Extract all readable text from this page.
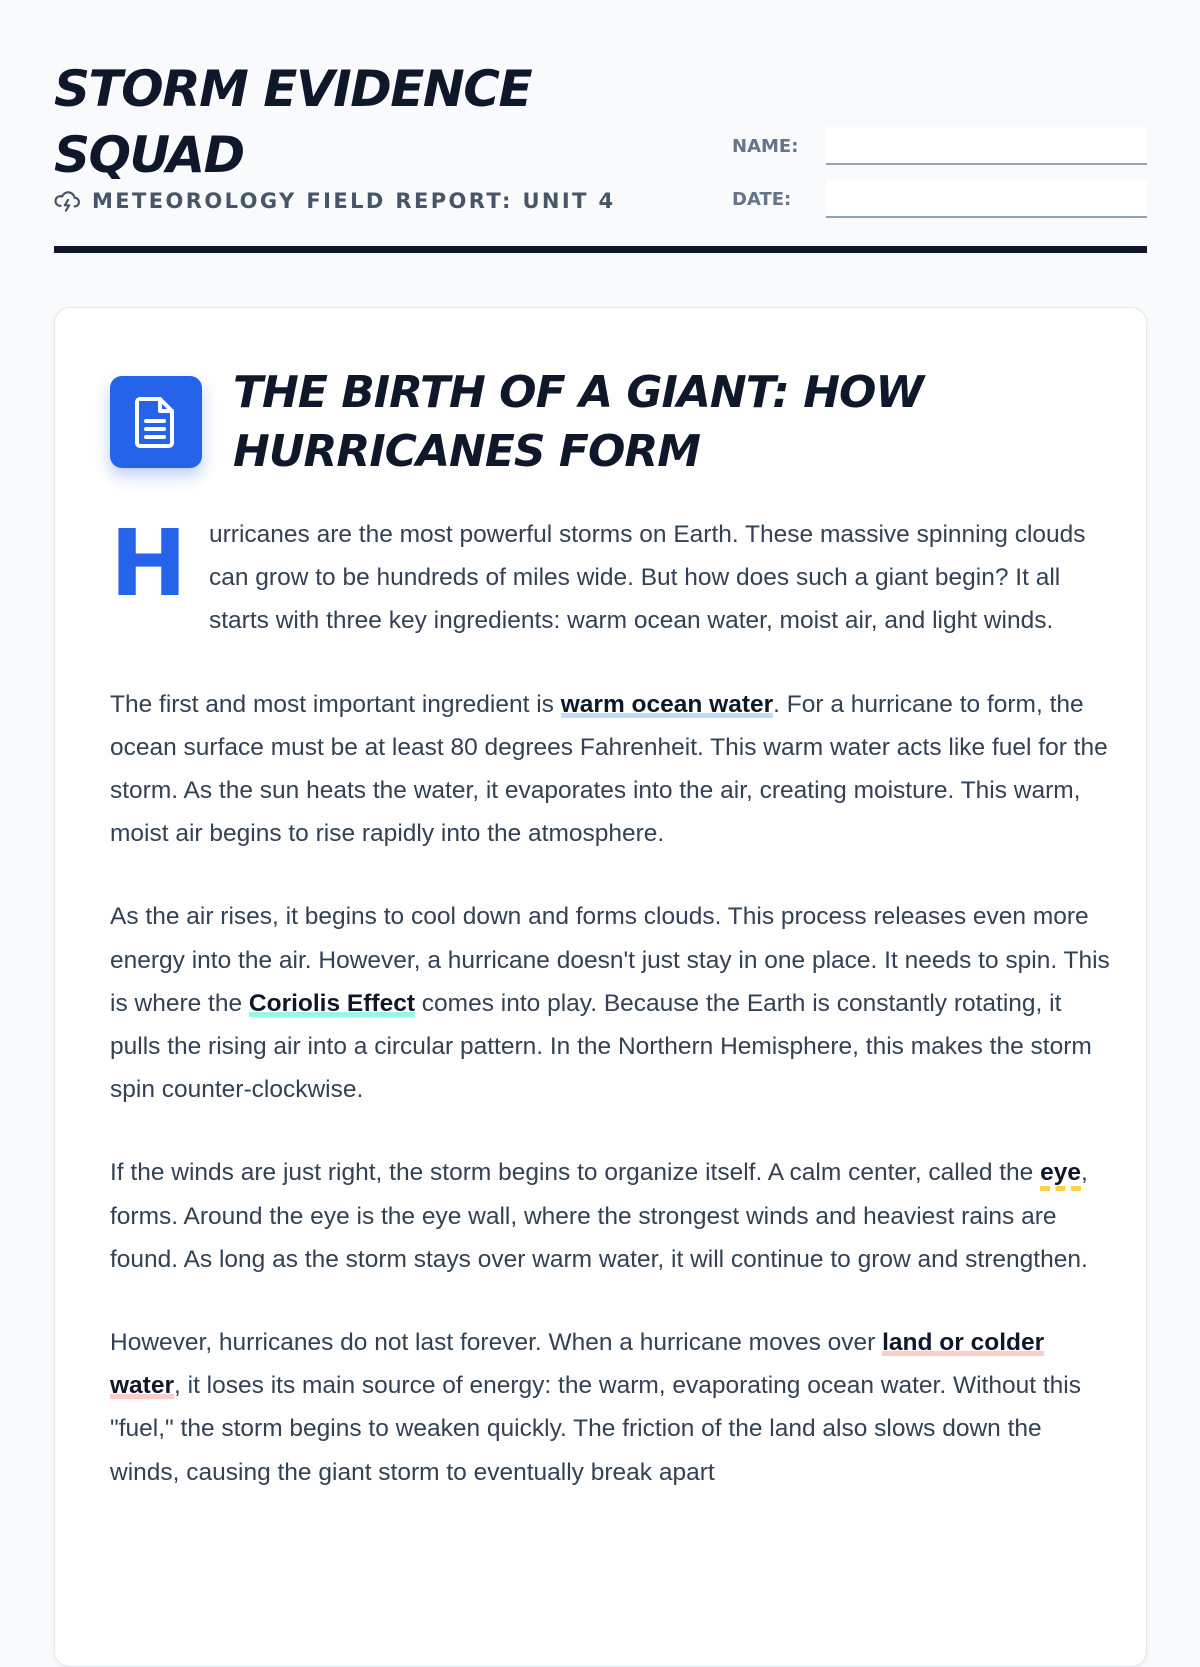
STORM EVIDENCE SQUAD
METEOROLOGY FIELD REPORT: UNIT 4
NAME:
DATE:
THE BIRTH OF A GIANT: HOW HURRICANES FORM

H urricanes are the most powerful storms on Earth. These massive spinning clouds can grow to be hundreds of miles wide. But how does such a giant begin? It all starts with three key ingredients: warm ocean water, moist air, and light winds.

The first and most important ingredient is warm ocean water. For a hurricane to form, the ocean surface must be at least 80 degrees Fahrenheit. This warm water acts like fuel for the storm. As the sun heats the water, it evaporates into the air, creating moisture. This warm, moist air begins to rise rapidly into the atmosphere.

As the air rises, it begins to cool down and forms clouds. This process releases even more energy into the air. However, a hurricane doesn't just stay in one place. It needs to spin. This is where the Coriolis Effect comes into play. Because the Earth is constantly rotating, it pulls the rising air into a circular pattern. In the Northern Hemisphere, this makes the storm spin counter-clockwise.

If the winds are just right, the storm begins to organize itself. A calm center, called the eye, forms. Around the eye is the eye wall, where the strongest winds and heaviest rains are found. As long as the storm stays over warm water, it will continue to grow and strengthen.

However, hurricanes do not last forever. When a hurricane moves over land or colder water, it loses its main source of energy: the warm, evaporating ocean water. Without this "fuel," the storm begins to weaken quickly. The friction of the land also slows down the winds, causing the giant storm to eventually break apart
